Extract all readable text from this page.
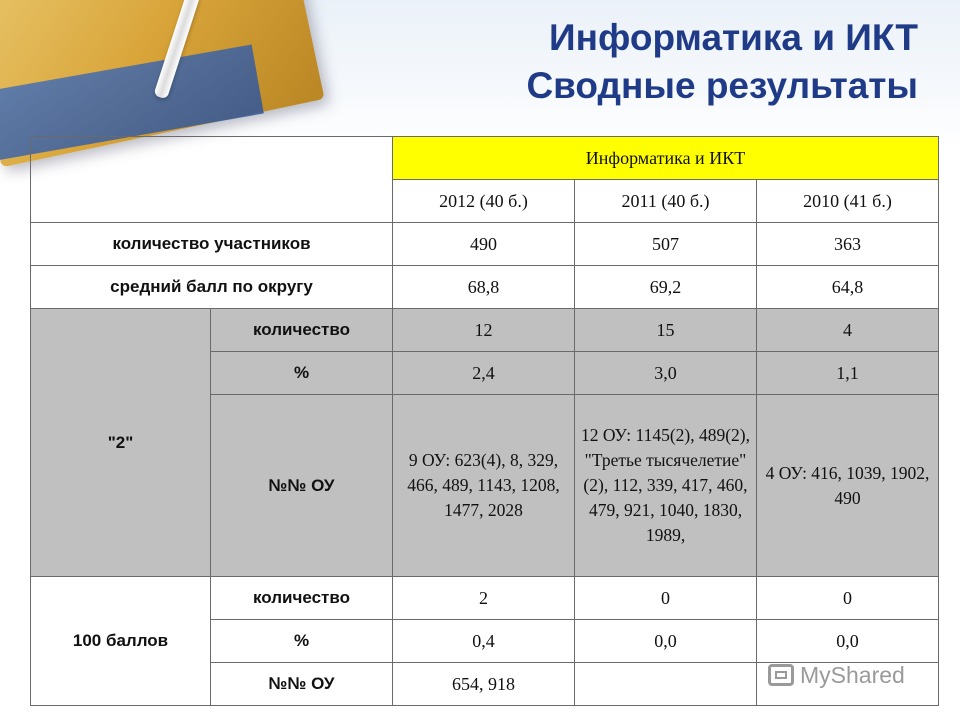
Информатика и ИКТ
Сводные результаты
		Информатика и ИКТ		
		2012 (40 б.)	2011 (40 б.)	2010 (41 б.)
количество участников		490	507	363
средний балл по округу		68,8	69,2	64,8
"2"	количество	12	15	4
	%	2,4	3,0	1,1
	№№ ОУ	9 ОУ: 623(4), 8, 329, 466, 489, 1143, 1208, 1477, 2028	12 ОУ: 1145(2), 489(2), "Третье тысячелетие"(2), 112, 339, 417, 460, 479, 921, 1040, 1830, 1989,	4 ОУ: 416, 1039, 1902, 490
100 баллов	количество	2	0	0
	%	0,4	0,0	0,0
	№№ ОУ	654, 918			MyShared
